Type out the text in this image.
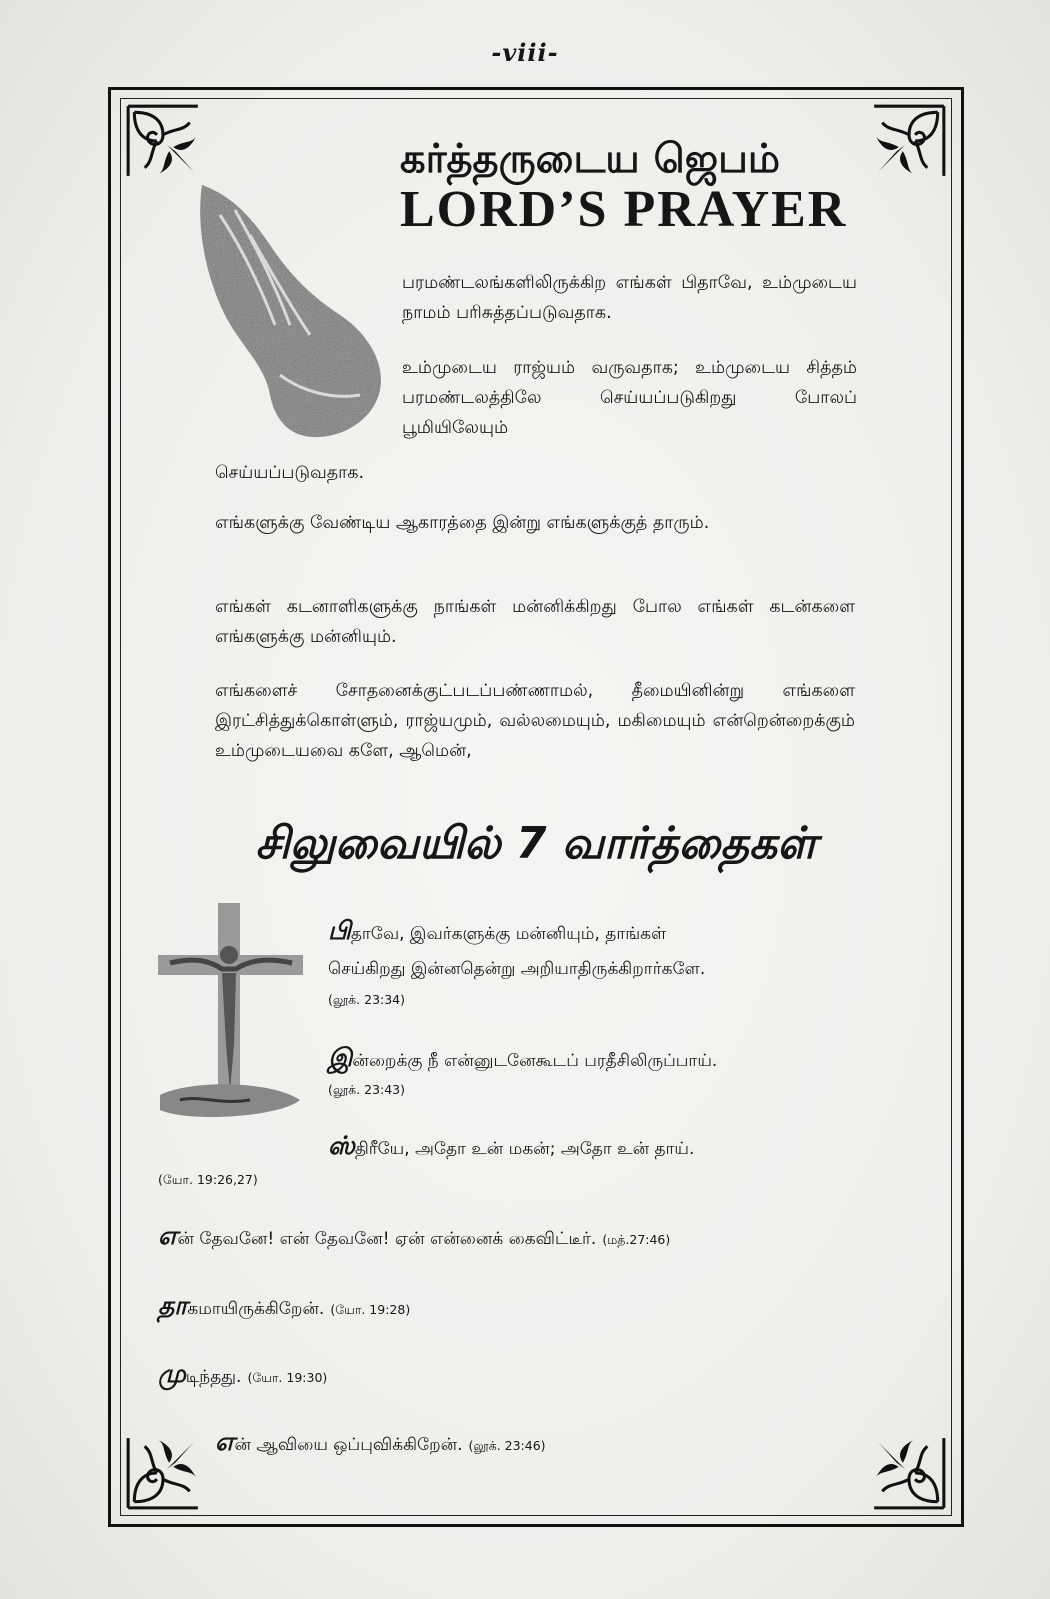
-viii-
கர்த்தருடைய ஜெபம்
LORD’S PRAYER
பரமண்டலங்களிலிருக்கிற எங்கள் பிதாவே, உம்முடைய நாமம் பரிசுத்தப்படுவதாக.
உம்முடைய ராஜ்யம் வருவதாக; உம்முடைய சித்தம் பரமண்டலத்திலே செய்யப்படுகிறது போலப் பூமியிலேயும்
செய்யப்படுவதாக.
எங்களுக்கு வேண்டிய ஆகாரத்தை இன்று எங்களுக்குத் தாரும்.
எங்கள் கடனாளிகளுக்கு நாங்கள் மன்னிக்கிறது போல எங்கள் கடன்களை எங்களுக்கு மன்னியும்.
எங்களைச் சோதனைக்குட்படப்பண்ணாமல், தீமையினின்று எங்களை இரட்சித்துக்கொள்ளும், ராஜ்யமும், வல்லமையும், மகிமையும் என்றென்றைக்கும் உம்முடையவை களே, ஆமென்,
சிலுவையில் 7 வார்த்தைகள்
பிதாவே, இவர்களுக்கு மன்னியும், தாங்கள்
செய்கிறது இன்னதென்று அறியாதிருக்கிறார்களே.
(லூக். 23:34)
இன்றைக்கு நீ என்னுடனேகூடப் பரதீசிலிருப்பாய்.
(லூக். 23:43)
ஸ்திரீயே, அதோ உன் மகன்; அதோ உன் தாய்.
(யோ. 19:26,27)
என் தேவனே! என் தேவனே! ஏன் என்னைக் கைவிட்டீர். (மத்.27:46)
தாகமாயிருக்கிறேன். (யோ. 19:28)
முடிந்தது. (யோ. 19:30)
என் ஆவியை ஒப்புவிக்கிறேன். (லூக். 23:46)
